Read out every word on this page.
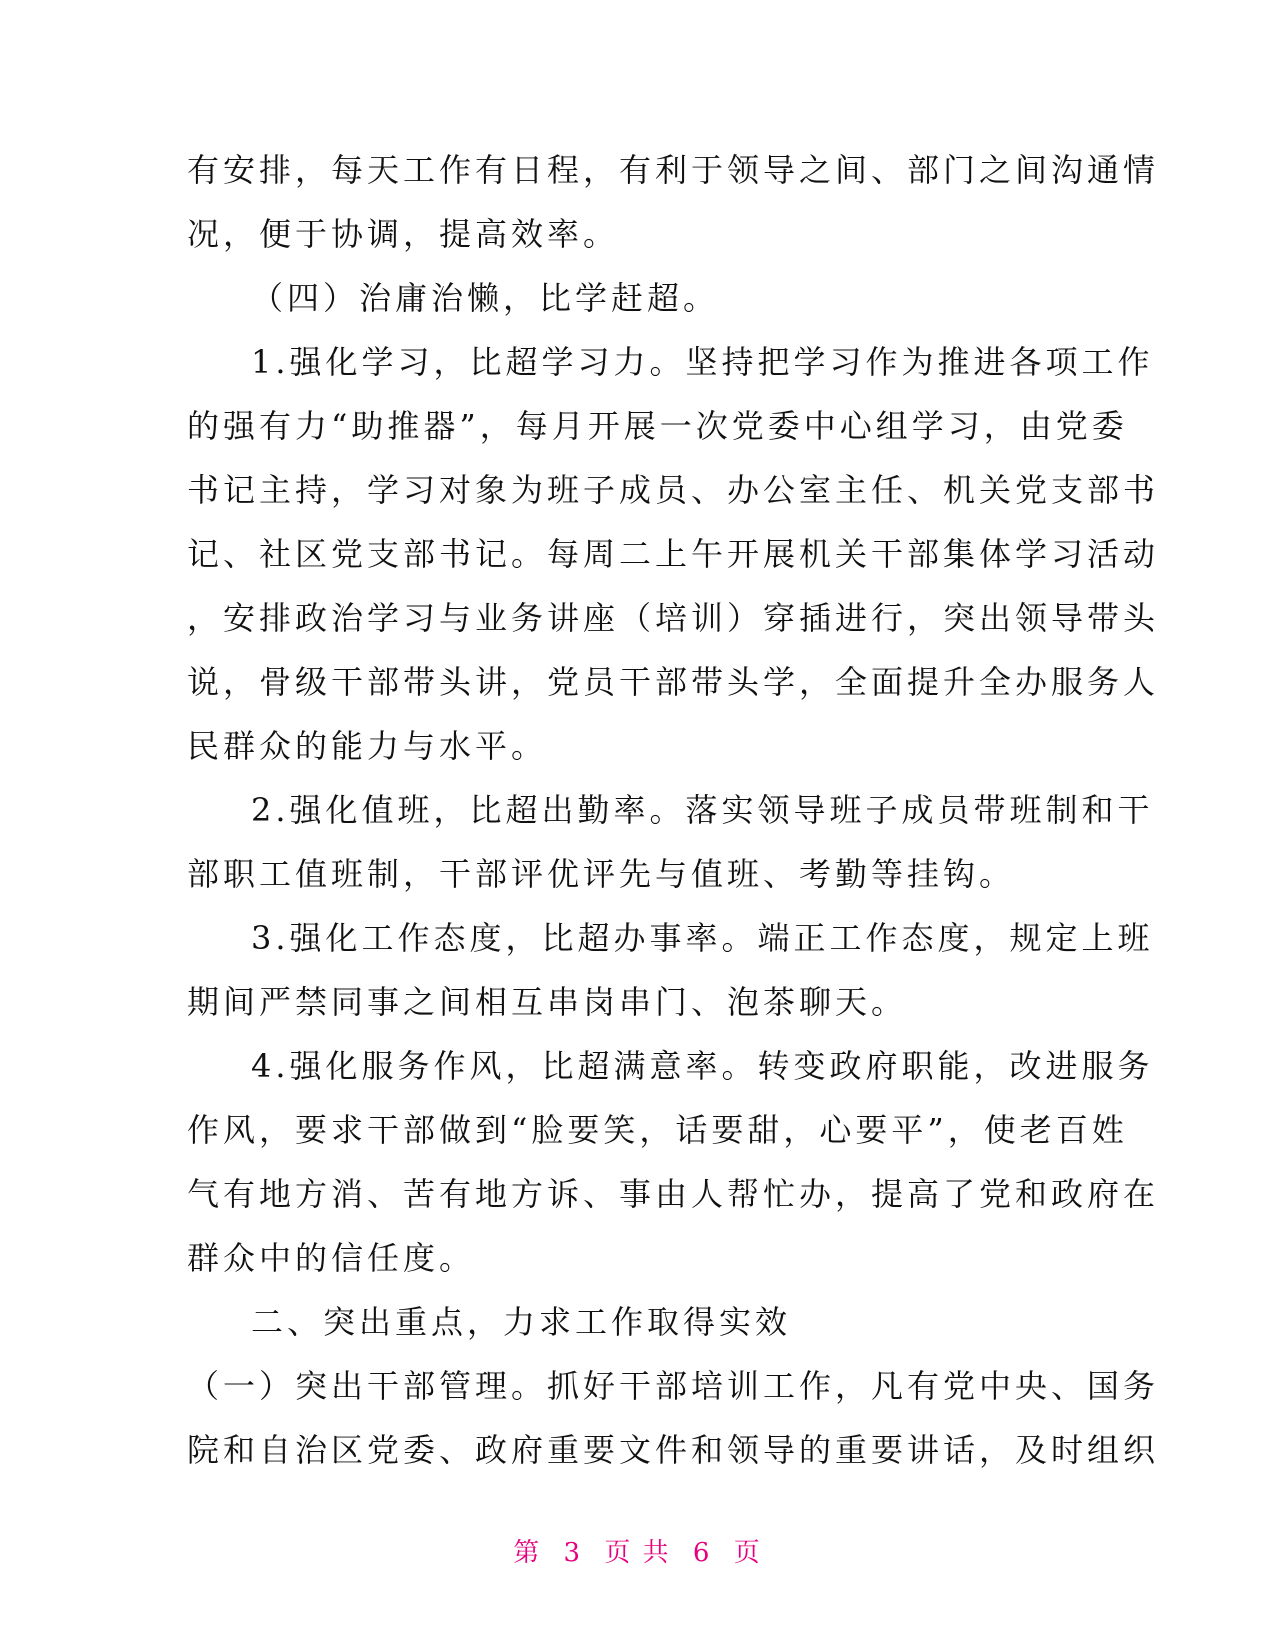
有安排，每天工作有日程，有利于领导之间、部门之间沟通情
况，便于协调，提高效率。
（四）治庸治懒，比学赶超。
1.强化学习，比超学习力。坚持把学习作为推进各项工作
的强有力“助推器”，每月开展一次党委中心组学习，由党委
书记主持，学习对象为班子成员、办公室主任、机关党支部书
记、社区党支部书记。每周二上午开展机关干部集体学习活动
，安排政治学习与业务讲座（培训）穿插进行，突出领导带头
说，骨级干部带头讲，党员干部带头学，全面提升全办服务人
民群众的能力与水平。
2.强化值班，比超出勤率。落实领导班子成员带班制和干
部职工值班制，干部评优评先与值班、考勤等挂钩。
3.强化工作态度，比超办事率。端正工作态度，规定上班
期间严禁同事之间相互串岗串门、泡茶聊天。
4.强化服务作风，比超满意率。转变政府职能，改进服务
作风，要求干部做到“脸要笑，话要甜，心要平”，使老百姓
气有地方消、苦有地方诉、事由人帮忙办，提高了党和政府在
群众中的信任度。
二、突出重点，力求工作取得实效
（一）突出干部管理。抓好干部培训工作，凡有党中央、国务
院和自治区党委、政府重要文件和领导的重要讲话，及时组织
第 3 页 共 6 页
